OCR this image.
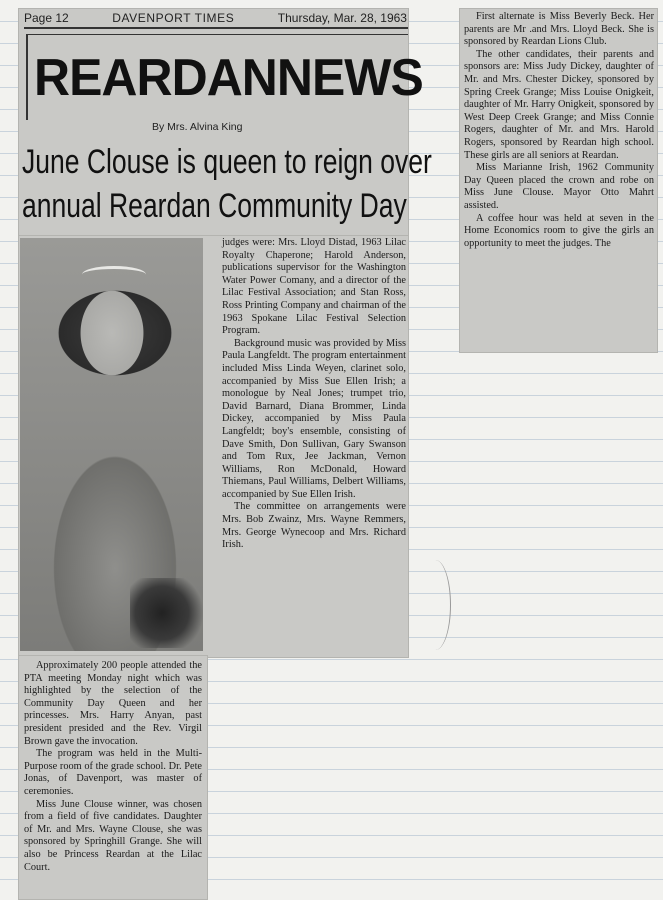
Page 12	DAVENPORT TIMES	Thursday, Mar. 28, 1963
REARDANNEWS
By Mrs. Alvina King
June Clouse is queen to reign over
annual Reardan Community Day

judges were: Mrs. Lloyd Distad, 1963 Lilac Royalty Chaperone; Harold Anderson, publications supervisor for the Washington Water Power Comany, and a director of the Lilac Festival Association; and Stan Ross, Ross Printing Company and chairman of the 1963 Spokane Lilac Festival Selection Program.

Background music was provided by Miss Paula Langfeldt. The program entertainment included Miss Linda Weyen, clarinet solo, accompanied by Miss Sue Ellen Irish; a monologue by Neal Jones; trumpet trio, David Barnard, Diana Brommer, Linda Dickey, accompanied by Miss Paula Langfeldt; boy's ensemble, consisting of Dave Smith, Don Sullivan, Gary Swanson and Tom Rux, Jee Jackman, Vernon Williams, Ron McDonald, Howard Thiemans, Paul Williams, Delbert Williams, accompanied by Sue Ellen Irish.

The committee on arrangements were Mrs. Bob Zwainz, Mrs. Wayne Remmers, Mrs. George Wynecoop and Mrs. Richard Irish.

Approximately 200 people attended the PTA meeting Monday night which was highlighted by the selection of the Community Day Queen and her princesses. Mrs. Harry Anyan, past president presided and the Rev. Virgil Brown gave the invocation.

The program was held in the Multi-Purpose room of the grade school. Dr. Pete Jonas, of Davenport, was master of ceremonies.

Miss June Clouse winner, was chosen from a field of five candidates. Daughter of Mr. and Mrs. Wayne Clouse, she was sponsored by Springhill Grange. She will also be Princess Reardan at the Lilac Court.

First alternate is Miss Beverly Beck. Her parents are Mr .and Mrs. Lloyd Beck. She is sponsored by Reardan Lions Club.

The other candidates, their parents and sponsors are: Miss Judy Dickey, daughter of Mr. and Mrs. Chester Dickey, sponsored by Spring Creek Grange; Miss Louise Onigkeit, daughter of Mr. Harry Onigkeit, sponsored by West Deep Creek Grange; and Miss Connie Rogers, daughter of Mr. and Mrs. Harold Rogers, sponsored by Reardan high school. These girls are all seniors at Reardan.

Miss Marianne Irish, 1962 Community Day Queen placed the crown and robe on Miss June Clouse. Mayor Otto Mahrt assisted.

A coffee hour was held at seven in the Home Economics room to give the girls an opportunity to meet the judges. The
